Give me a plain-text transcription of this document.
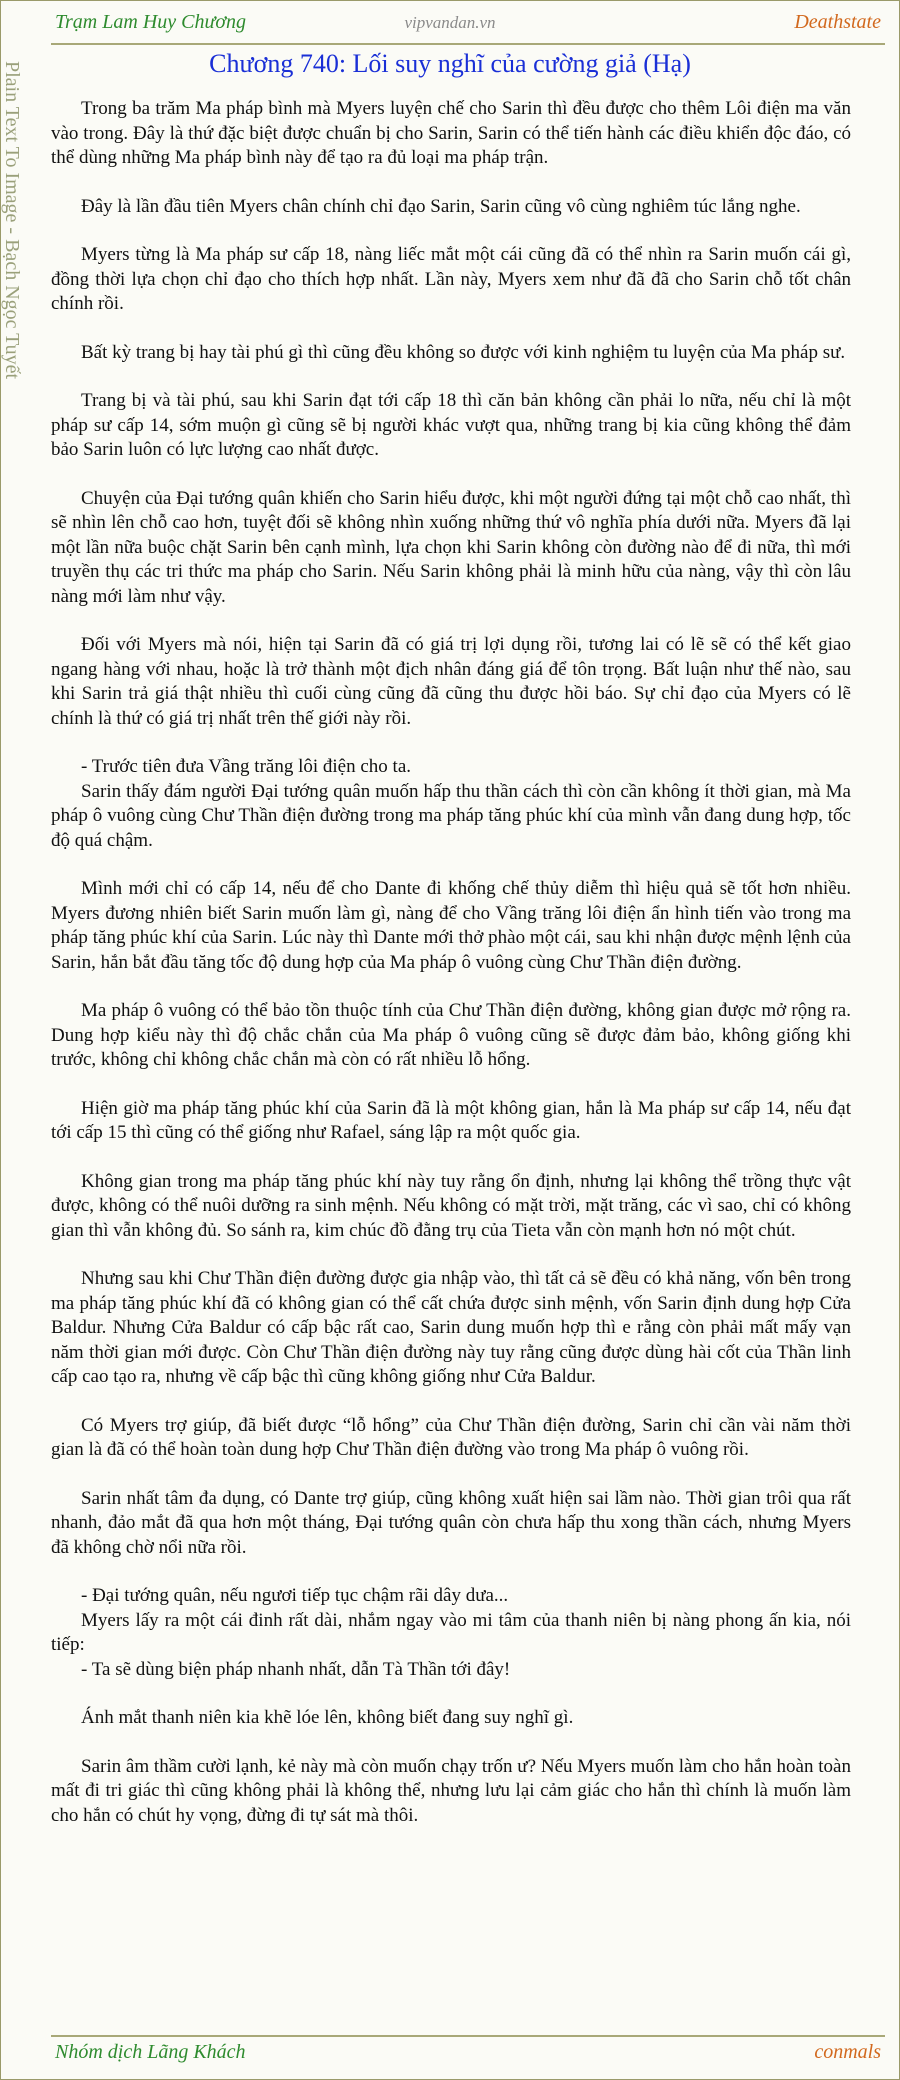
Trạm Lam Huy Chương	vipvandan.vn	Deathstate
Plain Text To Image - Bạch Ngọc Tuyết	Chương 740: Lối suy nghĩ của cường giả (Hạ)

Trong ba trăm Ma pháp bình mà Myers luyện chế cho Sarin thì đều được cho thêm Lôi điện ma văn vào trong. Đây là thứ đặc biệt được chuẩn bị cho Sarin, Sarin có thể tiến hành các điều khiển độc đáo, có thể dùng những Ma pháp bình này để tạo ra đủ loại ma pháp trận.

Đây là lần đầu tiên Myers chân chính chỉ đạo Sarin, Sarin cũng vô cùng nghiêm túc lắng nghe.

Myers từng là Ma pháp sư cấp 18, nàng liếc mắt một cái cũng đã có thể nhìn ra Sarin muốn cái gì, đồng thời lựa chọn chỉ đạo cho thích hợp nhất. Lần này, Myers xem như đã đã cho Sarin chỗ tốt chân chính rồi.

Bất kỳ trang bị hay tài phú gì thì cũng đều không so được với kinh nghiệm tu luyện của Ma pháp sư.

Trang bị và tài phú, sau khi Sarin đạt tới cấp 18 thì căn bản không cần phải lo nữa, nếu chỉ là một pháp sư cấp 14, sớm muộn gì cũng sẽ bị người khác vượt qua, những trang bị kia cũng không thể đảm bảo Sarin luôn có lực lượng cao nhất được.

Chuyện của Đại tướng quân khiến cho Sarin hiểu được, khi một người đứng tại một chỗ cao nhất, thì sẽ nhìn lên chỗ cao hơn, tuyệt đối sẽ không nhìn xuống những thứ vô nghĩa phía dưới nữa. Myers đã lại một lần nữa buộc chặt Sarin bên cạnh mình, lựa chọn khi Sarin không còn đường nào để đi nữa, thì mới truyền thụ các tri thức ma pháp cho Sarin. Nếu Sarin không phải là minh hữu của nàng, vậy thì còn lâu nàng mới làm như vậy.

Đối với Myers mà nói, hiện tại Sarin đã có giá trị lợi dụng rồi, tương lai có lẽ sẽ có thể kết giao ngang hàng với nhau, hoặc là trở thành một địch nhân đáng giá để tôn trọng. Bất luận như thế nào, sau khi Sarin trả giá thật nhiều thì cuối cùng cũng đã cũng thu được hồi báo. Sự chỉ đạo của Myers có lẽ chính là thứ có giá trị nhất trên thế giới này rồi.

- Trước tiên đưa Vầng trăng lôi điện cho ta.

Sarin thấy đám người Đại tướng quân muốn hấp thu thần cách thì còn cần không ít thời gian, mà Ma pháp ô vuông cùng Chư Thần điện đường trong ma pháp tăng phúc khí của mình vẫn đang dung hợp, tốc độ quá chậm.

Mình mới chỉ có cấp 14, nếu để cho Dante đi khống chế thủy diễm thì hiệu quả sẽ tốt hơn nhiều. Myers đương nhiên biết Sarin muốn làm gì, nàng để cho Vầng trăng lôi điện ẩn hình tiến vào trong ma pháp tăng phúc khí của Sarin. Lúc này thì Dante mới thở phào một cái, sau khi nhận được mệnh lệnh của Sarin, hắn bắt đầu tăng tốc độ dung hợp của Ma pháp ô vuông cùng Chư Thần điện đường.

Ma pháp ô vuông có thể bảo tồn thuộc tính của Chư Thần điện đường, không gian được mở rộng ra. Dung hợp kiểu này thì độ chắc chắn của Ma pháp ô vuông cũng sẽ được đảm bảo, không giống khi trước, không chỉ không chắc chắn mà còn có rất nhiều lỗ hổng.

Hiện giờ ma pháp tăng phúc khí của Sarin đã là một không gian, hắn là Ma pháp sư cấp 14, nếu đạt tới cấp 15 thì cũng có thể giống như Rafael, sáng lập ra một quốc gia.

Không gian trong ma pháp tăng phúc khí này tuy rằng ổn định, nhưng lại không thể trồng thực vật được, không có thể nuôi dưỡng ra sinh mệnh. Nếu không có mặt trời, mặt trăng, các vì sao, chỉ có không gian thì vẫn không đủ. So sánh ra, kim chúc đồ đằng trụ của Tieta vẫn còn mạnh hơn nó một chút.

Nhưng sau khi Chư Thần điện đường được gia nhập vào, thì tất cả sẽ đều có khả năng, vốn bên trong ma pháp tăng phúc khí đã có không gian có thể cất chứa được sinh mệnh, vốn Sarin định dung hợp Cửa Baldur. Nhưng Cửa Baldur có cấp bậc rất cao, Sarin dung muốn hợp thì e rằng còn phải mất mấy vạn năm thời gian mới được. Còn Chư Thần điện đường này tuy rằng cũng được dùng hài cốt của Thần linh cấp cao tạo ra, nhưng về cấp bậc thì cũng không giống như Cửa Baldur.

Có Myers trợ giúp, đã biết được “lỗ hổng” của Chư Thần điện đường, Sarin chỉ cần vài năm thời gian là đã có thể hoàn toàn dung hợp Chư Thần điện đường vào trong Ma pháp ô vuông rồi.

Sarin nhất tâm đa dụng, có Dante trợ giúp, cũng không xuất hiện sai lầm nào. Thời gian trôi qua rất nhanh, đảo mắt đã qua hơn một tháng, Đại tướng quân còn chưa hấp thu xong thần cách, nhưng Myers đã không chờ nổi nữa rồi.

- Đại tướng quân, nếu ngươi tiếp tục chậm rãi dây dưa...

Myers lấy ra một cái đinh rất dài, nhắm ngay vào mi tâm của thanh niên bị nàng phong ấn kia, nói tiếp:

- Ta sẽ dùng biện pháp nhanh nhất, dẫn Tà Thần tới đây!

Ánh mắt thanh niên kia khẽ lóe lên, không biết đang suy nghĩ gì.

Sarin âm thầm cười lạnh, kẻ này mà còn muốn chạy trốn ư? Nếu Myers muốn làm cho hắn hoàn toàn mất đi tri giác thì cũng không phải là không thể, nhưng lưu lại cảm giác cho hắn thì chính là muốn làm cho hắn có chút hy vọng, đừng đi tự sát mà thôi.

Nhóm dịch Lãng Khách	conmals
